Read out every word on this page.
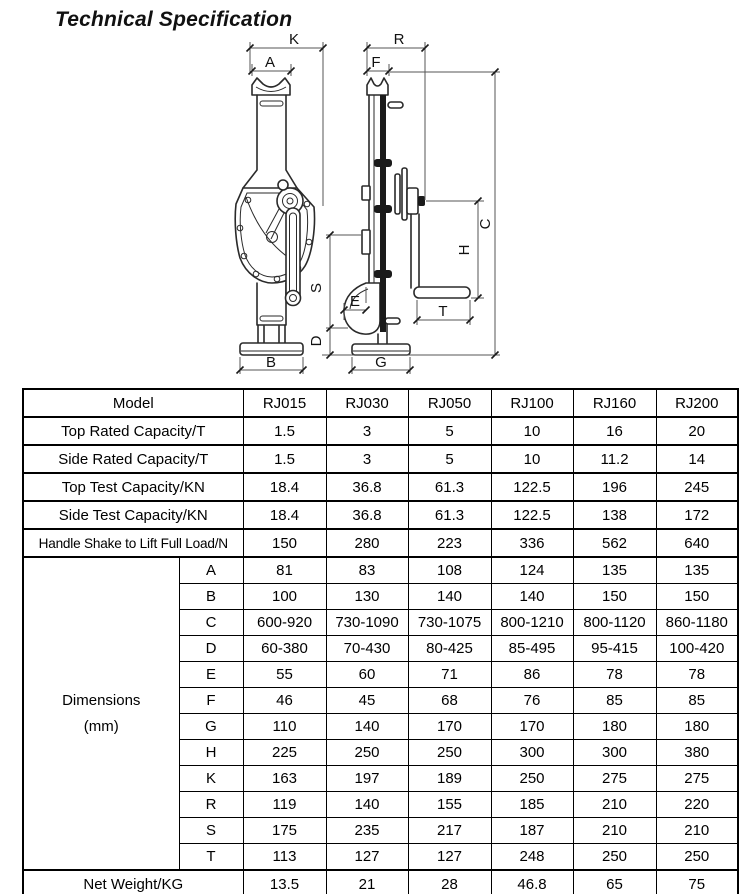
Technical Specification
K
A
R
F
C
H
S
D
E
T
B	G
Model		RJ015	RJ030	RJ050	RJ100	RJ160	RJ200
Top Rated Capacity/T		1.5	3	5	10	16	20
Side Rated Capacity/T		1.5	3	5	10	11.2	14
Top Test Capacity/KN		18.4	36.8	61.3	122.5	196	245
Side Test Capacity/KN		18.4	36.8	61.3	122.5	138	172
Handle Shake to Lift Full Load/N		150	280	223	336	562	640

Dimensions
(mm)	A	81	83	108	124	135	135
	B	100	130	140	140	150	150
	C	600-920	730-1090	730-1075	800-1210	800-1120	860-1180
	D	60-380	70-430	80-425	85-495	95-415	100-420
	E	55	60	71	86	78	78
	F	46	45	68	76	85	85
	G	110	140	170	170	180	180
	H	225	250	250	300	300	380
	K	163	197	189	250	275	275
	R	119	140	155	185	210	220
	S	175	235	217	187	210	210
	T	113	127	127	248	250	250
Net Weight/KG		13.5	21	28	46.8	65	75
